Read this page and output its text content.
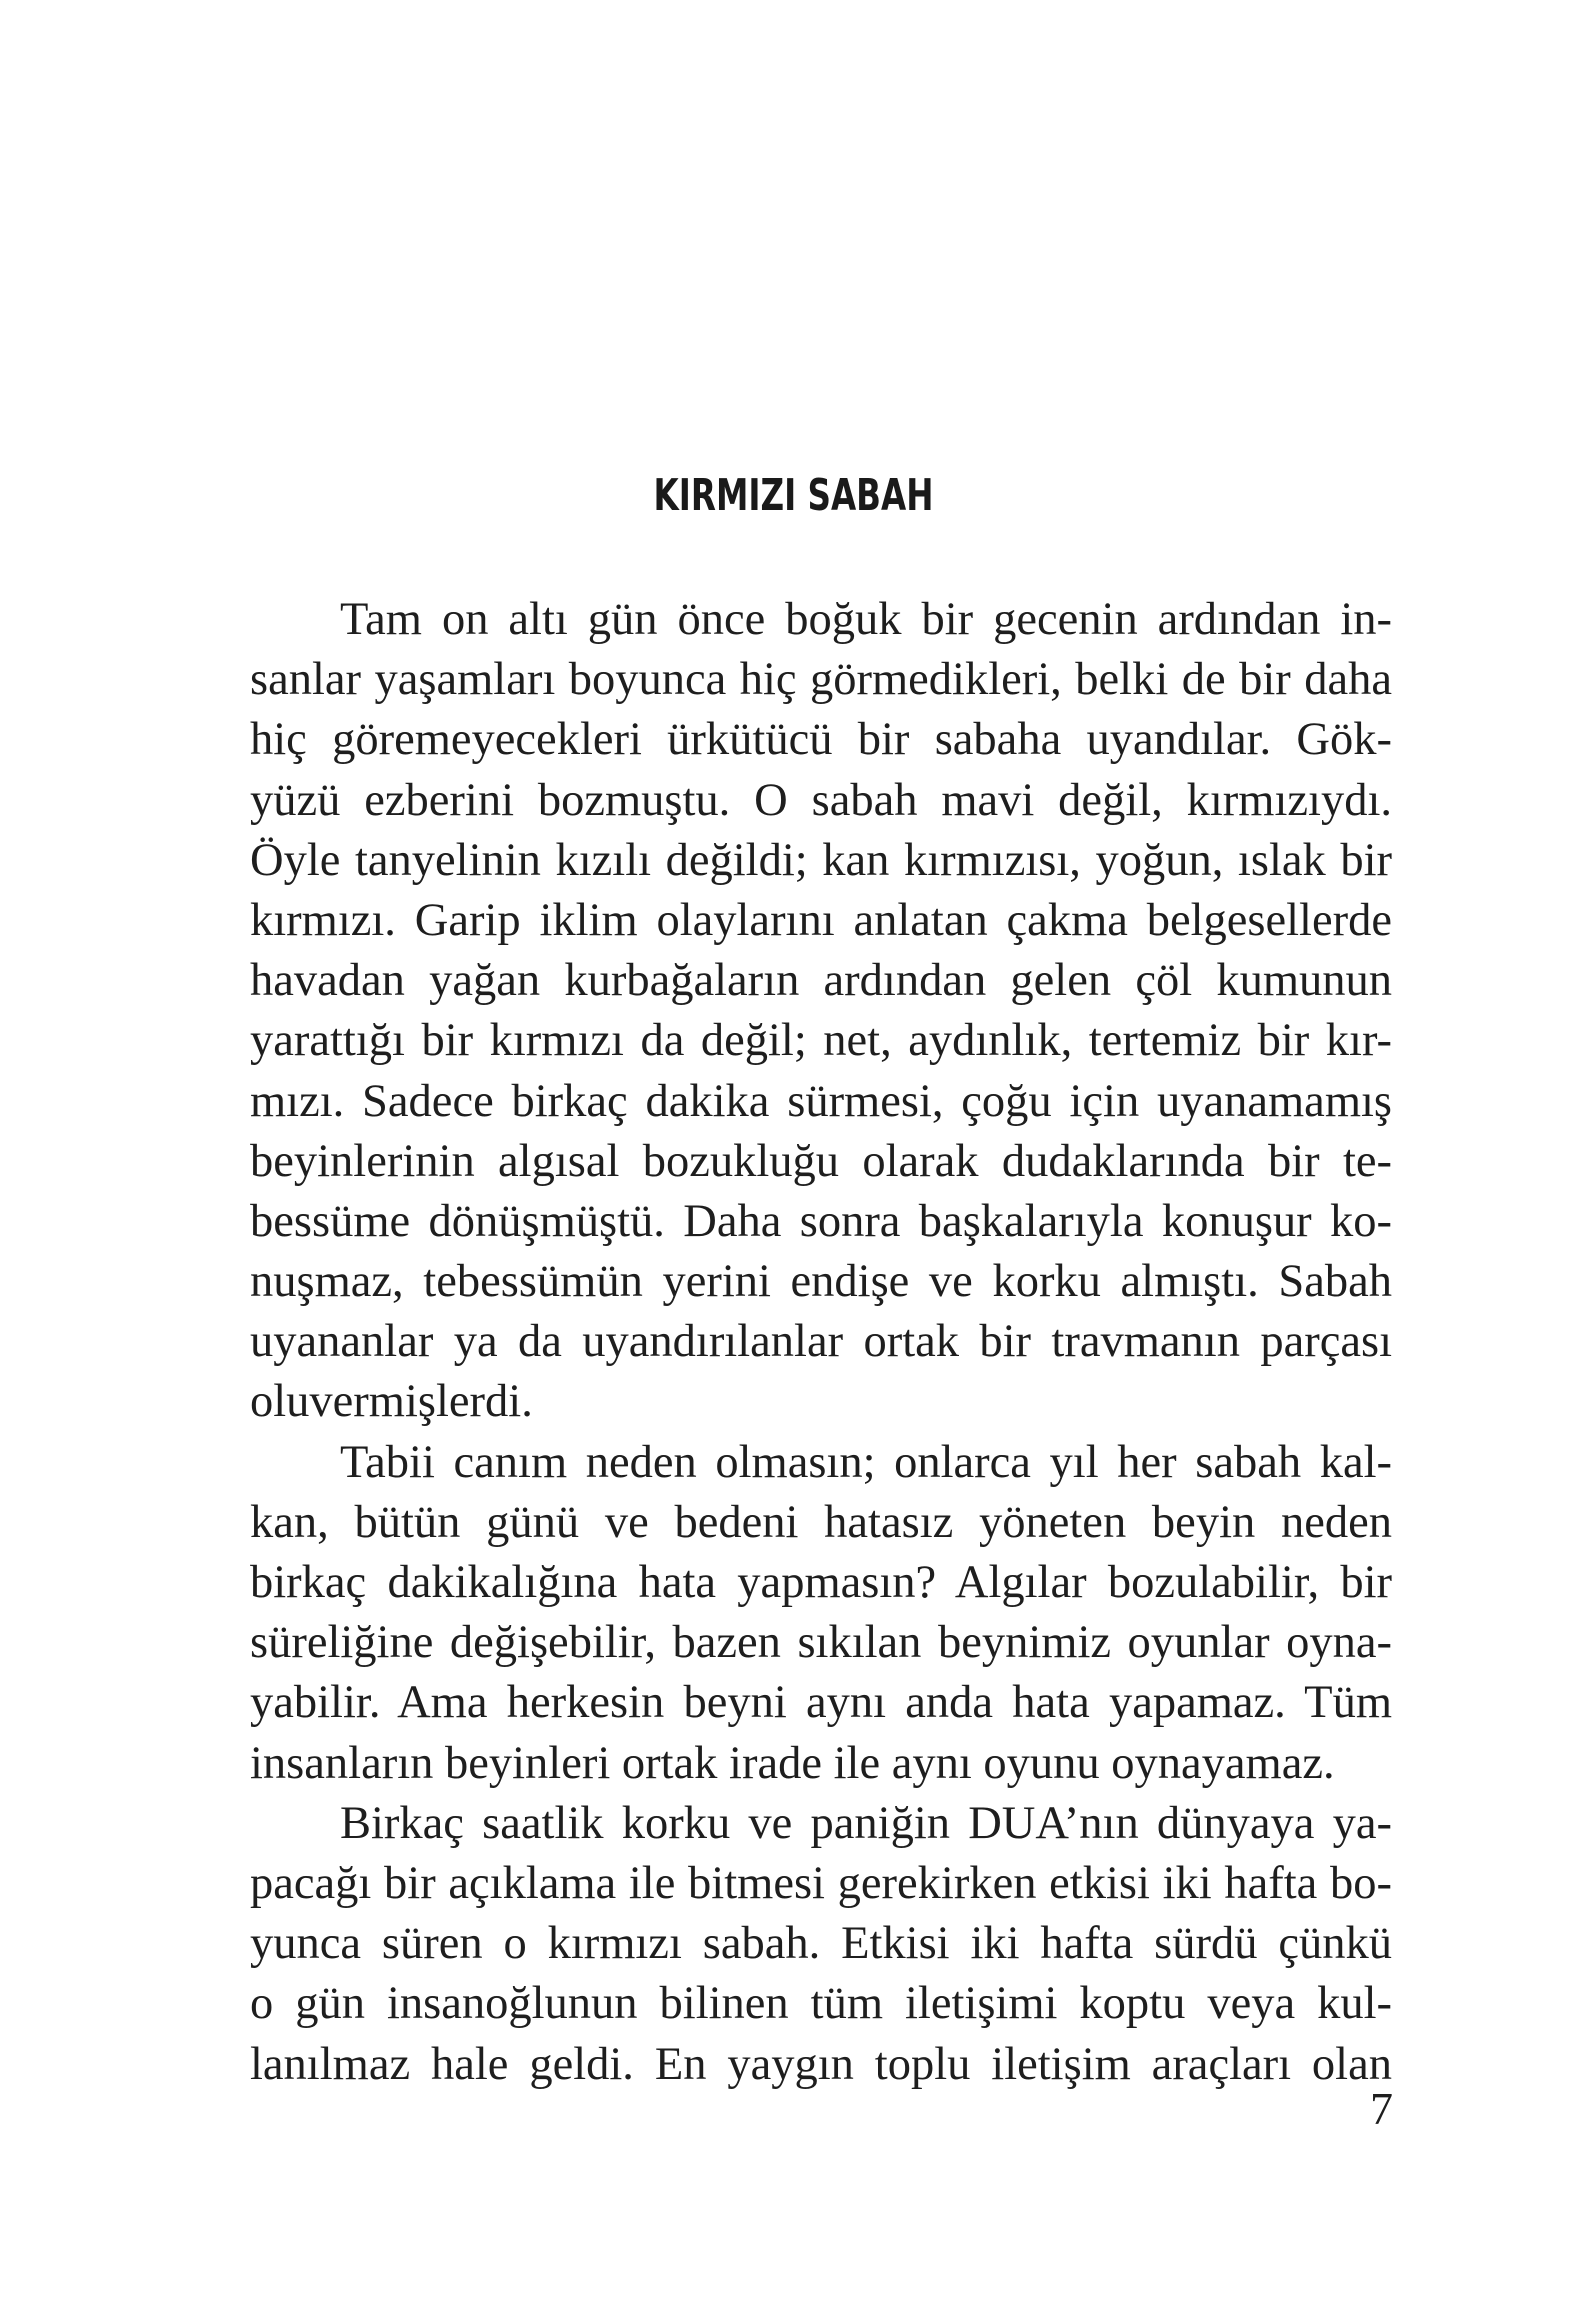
KIRMIZI SABAH
Tam on altı gün önce boğuk bir gecenin ardından in-
sanlar yaşamları boyunca hiç görmedikleri, belki de bir daha
hiç göremeyecekleri ürkütücü bir sabaha uyandılar. Gök-
yüzü ezberini bozmuştu. O sabah mavi değil, kırmızıydı.
Öyle tanyelinin kızılı değildi; kan kırmızısı, yoğun, ıslak bir
kırmızı. Garip iklim olaylarını anlatan çakma belgesellerde
havadan yağan kurbağaların ardından gelen çöl kumunun
yarattığı bir kırmızı da değil; net, aydınlık, tertemiz bir kır-
mızı. Sadece birkaç dakika sürmesi, çoğu için uyanamamış
beyinlerinin algısal bozukluğu olarak dudaklarında bir te-
bessüme dönüşmüştü. Daha sonra başkalarıyla konuşur ko-
nuşmaz, tebessümün yerini endişe ve korku almıştı. Sabah
uyananlar ya da uyandırılanlar ortak bir travmanın parçası
oluvermişlerdi.
Tabii canım neden olmasın; onlarca yıl her sabah kal-
kan, bütün günü ve bedeni hatasız yöneten beyin neden
birkaç dakikalığına hata yapmasın? Algılar bozulabilir, bir
süreliğine değişebilir, bazen sıkılan beynimiz oyunlar oyna-
yabilir. Ama herkesin beyni aynı anda hata yapamaz. Tüm
insanların beyinleri ortak irade ile aynı oyunu oynayamaz.
Birkaç saatlik korku ve paniğin DUA’nın dünyaya ya-
pacağı bir açıklama ile bitmesi gerekirken etkisi iki hafta bo-
yunca süren o kırmızı sabah. Etkisi iki hafta sürdü çünkü
o gün insanoğlunun bilinen tüm iletişimi koptu veya kul-
lanılmaz hale geldi. En yaygın toplu iletişim araçları olan
7
